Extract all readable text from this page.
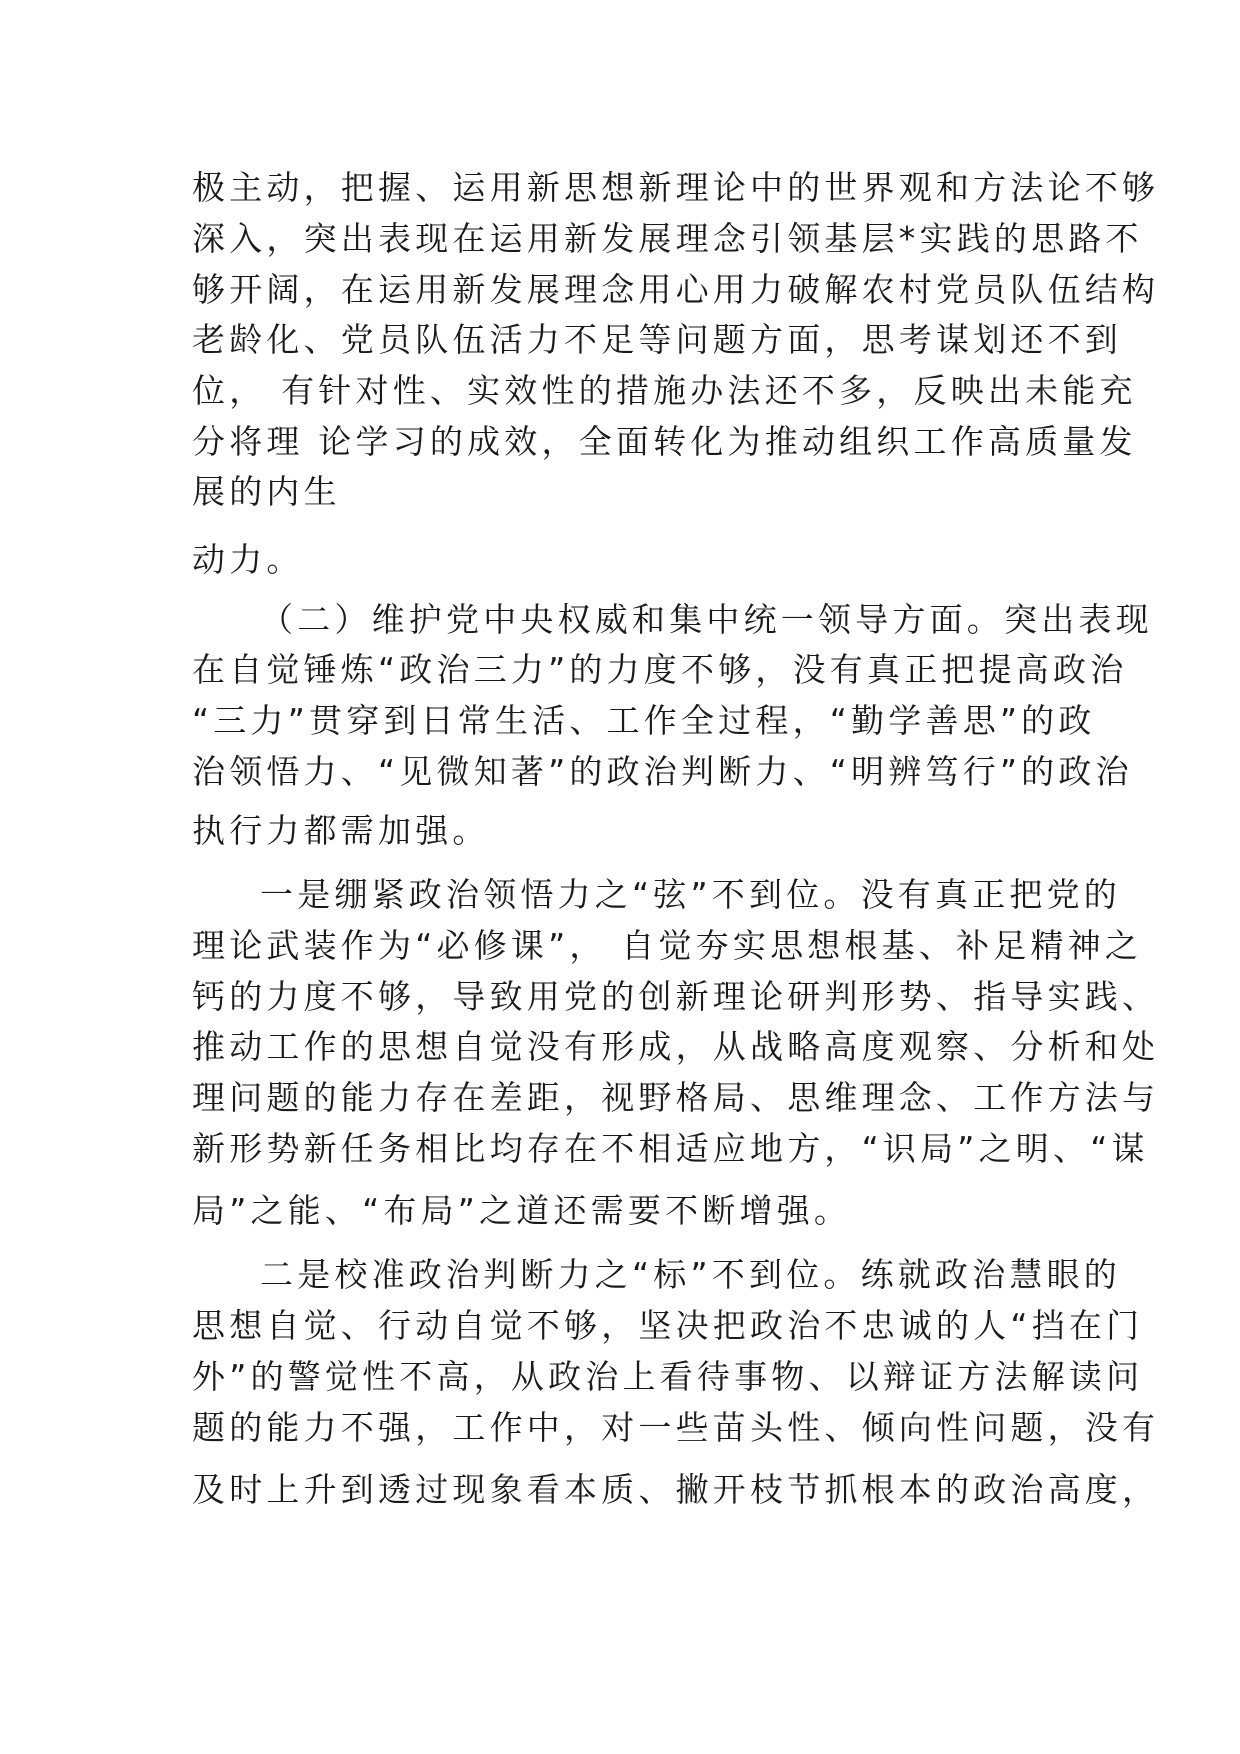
极主动，把握、运用新思想新理论中的世界观和方法论不够

深入，突出表现在运用新发展理念引领基层*实践的思路不

够开阔，在运用新发展理念用心用力破解农村党员队伍结构

老龄化、党员队伍活力不足等问题方面，思考谋划还不到

位， 有针对性、实效性的措施办法还不多，反映出未能充

分将理 论学习的成效，全面转化为推动组织工作高质量发

展的内生

动力。

（二）维护党中央权威和集中统一领导方面。突出表现

在自觉锤炼“政治三力”的力度不够，没有真正把提高政治

“三力”贯穿到日常生活、工作全过程，“勤学善思”的政

治领悟力、“见微知著”的政治判断力、“明辨笃行”的政治

执行力都需加强。

一是绷紧政治领悟力之“弦”不到位。没有真正把党的

理论武装作为“必修课”， 自觉夯实思想根基、补足精神之

钙的力度不够，导致用党的创新理论研判形势、指导实践、

推动工作的思想自觉没有形成，从战略高度观察、分析和处

理问题的能力存在差距，视野格局、思维理念、工作方法与

新形势新任务相比均存在不相适应地方，“识局”之明、“谋

局”之能、“布局”之道还需要不断增强。

二是校准政治判断力之“标”不到位。练就政治慧眼的

思想自觉、行动自觉不够，坚决把政治不忠诚的人“挡在门

外”的警觉性不高，从政治上看待事物、以辩证方法解读问

题的能力不强，工作中，对一些苗头性、倾向性问题，没有

及时上升到透过现象看本质、撇开枝节抓根本的政治高度，
